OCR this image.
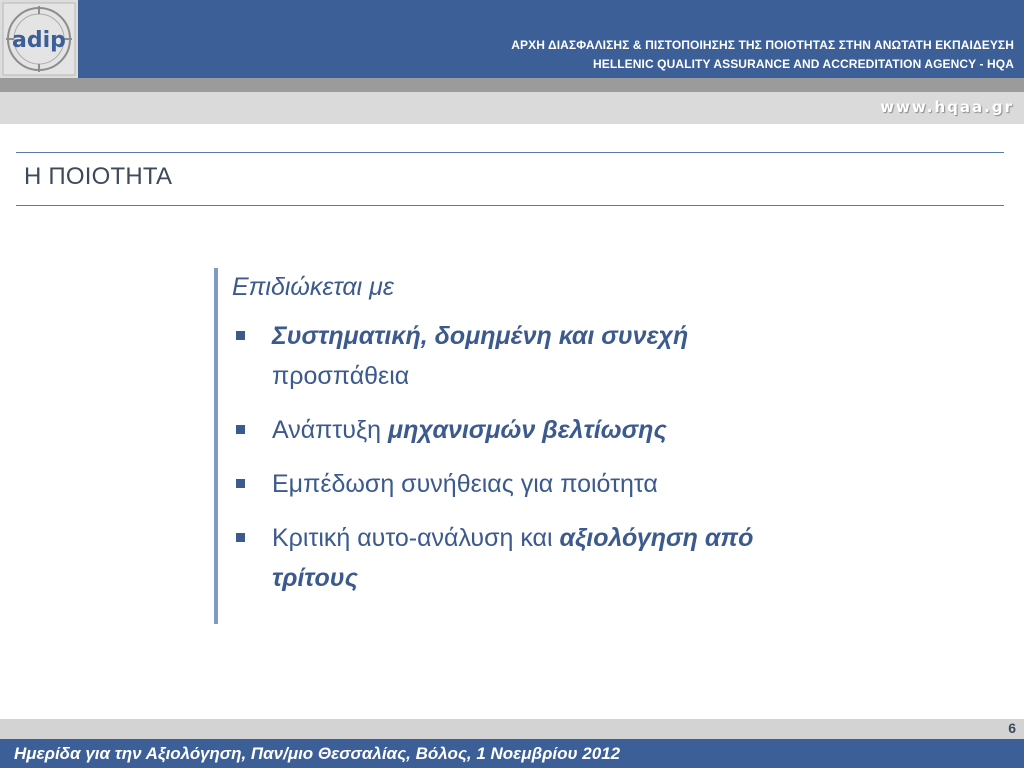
adip	ΑΡΧΗ ΔΙΑΣΦΑΛΙΣΗΣ & ΠΙΣΤΟΠΟΙΗΣΗΣ ΤΗΣ ΠΟΙΟΤΗΤΑΣ ΣΤΗΝ ΑΝΩΤΑΤΗ ΕΚΠΑΙΔΕΥΣΗ
HELLENIC QUALITY ASSURANCE AND ACCREDITATION AGENCY - HQA
www.hqaa.gr
Η ΠΟΙΟΤΗΤΑ
Επιδιώκεται με
Συστηματική, δομημένη και συνεχή προσπάθεια
Ανάπτυξη μηχανισμών βελτίωσης
Εμπέδωση συνήθειας για ποιότητα
Κριτική αυτο-ανάλυση και αξιολόγηση από τρίτους
6
Ημερίδα για την Αξιολόγηση, Παν/μιο Θεσσαλίας, Βόλος, 1 Νοεμβρίου 2012
